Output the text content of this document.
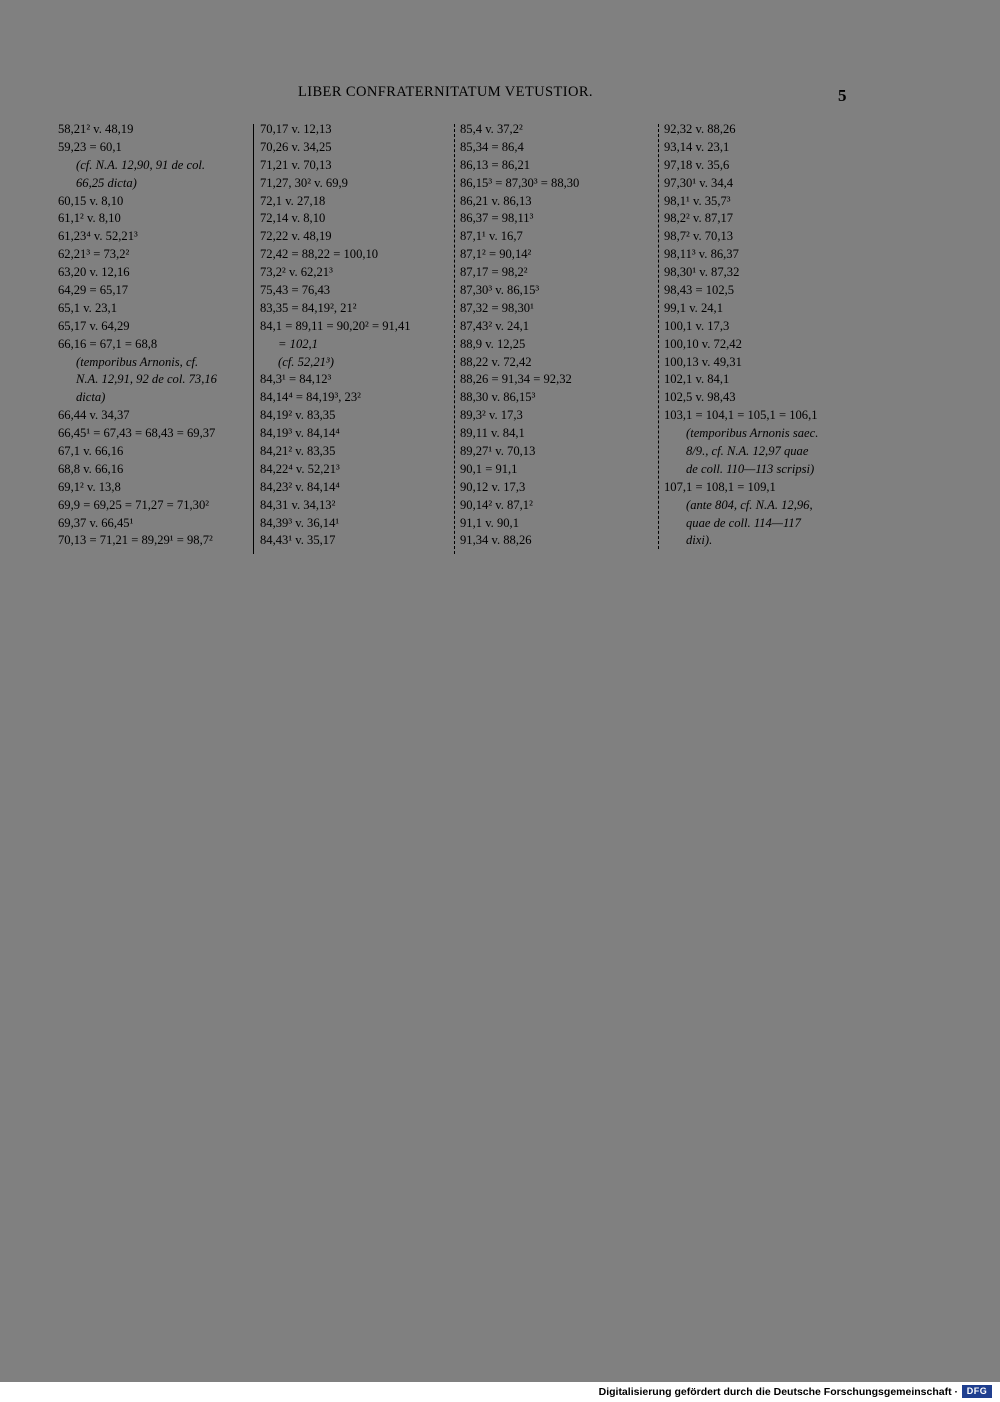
LIBER CONFRATERNITATUM VETUSTIOR.	5
58,21² v. 48,19
59,23 = 60,1
(cf. N.A. 12,90, 91 de col.
66,25 dicta)
60,15 v. 8,10
61,1² v. 8,10
61,23⁴ v. 52,21³
62,21³ = 73,2²
63,20 v. 12,16
64,29 = 65,17
65,1 v. 23,1
65,17 v. 64,29
66,16 = 67,1 = 68,8
(temporibus Arnonis, cf.
N.A. 12,91, 92 de col. 73,16
dicta)
66,44 v. 34,37
66,45¹ = 67,43 = 68,43 = 69,37
67,1 v. 66,16
68,8 v. 66,16
69,1² v. 13,8
69,9 = 69,25 = 71,27 = 71,30²
69,37 v. 66,45¹
70,13 = 71,21 = 89,29¹ = 98,7²
70,17 v. 12,13
70,26 v. 34,25
71,21 v. 70,13
71,27, 30² v. 69,9
72,1 v. 27,18
72,14 v. 8,10
72,22 v. 48,19
72,42 = 88,22 = 100,10
73,2² v. 62,21³
75,43 = 76,43
83,35 = 84,19², 21²
84,1 = 89,11 = 90,20² = 91,41
= 102,1
(cf. 52,21³)
84,3¹ = 84,12³
84,14⁴ = 84,19³, 23²
84,19² v. 83,35
84,19³ v. 84,14⁴
84,21² v. 83,35
84,22⁴ v. 52,21³
84,23² v. 84,14⁴
84,31 v. 34,13²
84,39³ v. 36,14¹
84,43¹ v. 35,17
85,4 v. 37,2²
85,34 = 86,4
86,13 = 86,21
86,15³ = 87,30³ = 88,30
86,21 v. 86,13
86,37 = 98,11³
87,1¹ v. 16,7
87,1² = 90,14²
87,17 = 98,2²
87,30³ v. 86,15³
87,32 = 98,30¹
87,43² v. 24,1
88,9 v. 12,25
88,22 v. 72,42
88,26 = 91,34 = 92,32
88,30 v. 86,15³
89,3² v. 17,3
89,11 v. 84,1
89,27¹ v. 70,13
90,1 = 91,1
90,12 v. 17,3
90,14² v. 87,1²
91,1 v. 90,1
91,34 v. 88,26
92,32 v. 88,26
93,14 v. 23,1
97,18 v. 35,6
97,30¹ v. 34,4
98,1¹ v. 35,7³
98,2² v. 87,17
98,7² v. 70,13
98,11³ v. 86,37
98,30¹ v. 87,32
98,43 = 102,5
99,1 v. 24,1
100,1 v. 17,3
100,10 v. 72,42
100,13 v. 49,31
102,1 v. 84,1
102,5 v. 98,43
103,1 = 104,1 = 105,1 = 106,1
(temporibus Arnonis saec.
8/9., cf. N.A. 12,97 quae
de coll. 110—113 scripsi)
107,1 = 108,1 = 109,1
(ante 804, cf. N.A. 12,96,
quae de coll. 114—117
dixi).
Digitalisierung gefördert durch die Deutsche Forschungsgemeinschaft · DFG
